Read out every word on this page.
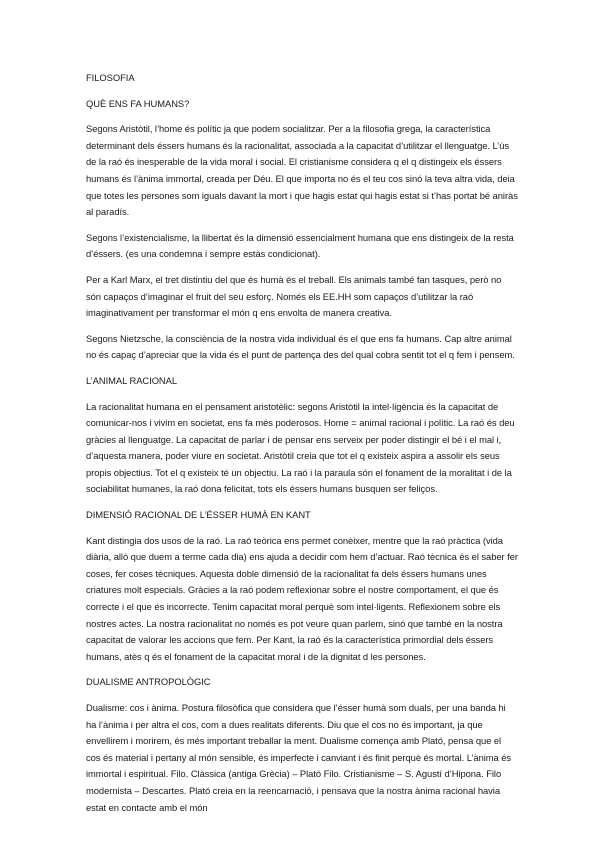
FILOSOFIA
QUÈ ENS FA HUMANS?
Segons Aristòtil, l’home és polític ja que podem socialitzar. Per a la filosofia grega, la característica determinant dels éssers humans és la racionalitat, associada a la capacitat d’utilitzar el llenguatge. L’ús de la raó és inesperable de la vida moral i social. El cristianisme considera q el q distingeix els éssers humans és l’ànima immortal, creada per Déu. El que importa no és el teu cos sinó la teva altra vida, deia que totes les persones som iguals davant la mort i que hagis estat qui hagis estat si t’has portat bé aniràs al paradís.
Segons l’existencialisme, la llibertat és la dimensió essencialment humana que ens distingeix de la resta d’éssers. (es una condemna i sempre estàs condicionat).
Per a Karl Marx, el tret distintiu del que és humà és el treball. Els animals també fan tasques, però no són capaços d’imaginar el fruit del seu esforç. Només els EE.HH som capaços d’utilitzar la raó imaginativament per transformar el món q ens envolta de manera creativa.
Segons Nietzsche, la consciència de la nostra vida individual és el que ens fa humans. Cap altre animal no és capaç d’apreciar que la vida és el punt de partença des del qual cobra sentit tot el q fem i pensem.
L’ANIMAL RACIONAL
La racionalitat humana en el pensament aristotèlic: segons Aristòtil la intel·ligència és la capacitat de comunicar-nos i vivim en societat, ens fa més poderosos. Home = animal racional i polític. La raó és deu gràcies al llenguatge. La capacitat de parlar i de pensar ens serveix per poder distingir el bé i el mal i, d’aquesta manera, poder viure en societat. Aristòtil creia que tot el q existeix aspira a assolir els seus propis objectius. Tot el q existeix té un objectiu. La raó i la paraula són el fonament de la moralitat i de la sociabilitat humanes, la raó dona felicitat, tots els éssers humans busquen ser feliços.
DIMENSIÓ RACIONAL DE L’ÉSSER HUMÀ EN KANT
Kant distingia dos usos de la raó. La raó teòrica ens permet conèixer, mentre que la raó pràctica (vida diària, allò que duem a terme cada dia) ens ajuda a decidir com hem d’actuar. Raó tècnica és el saber fer coses, fer coses tècniques. Aquesta doble dimensió de la racionalitat fa dels éssers humans unes criatures molt especials. Gràcies a la raó podem reflexionar sobre el nostre comportament, el que és correcte i el que és incorrecte. Tenim capacitat moral perquè som intel·ligents. Reflexionem sobre els nostres actes. La nostra racionalitat no només es pot veure quan parlem, sinó que també en la nostra capacitat de valorar les accions que fem. Per Kant, la raó és la característica primordial dels éssers humans, atès q és el fonament de la capacitat moral i de la dignitat d les persones.
DUALISME ANTROPOLÒGIC
Dualisme: cos i ànima. Postura filosòfica que considera que l’ésser humà som duals, per una banda hi ha l’ànima i per altra el cos, com a dues realitats diferents. Diu que el cos no és important, ja que envellirem i morirem, és més important treballar la ment. Dualisme comença amb Plató, pensa que el cos és material i pertany al món sensible, és imperfecte i canviant i és finit perquè és mortal. L’ànima és immortal i espiritual. Filo. Clàssica (antiga Grècia) – Plató Filo. Cristianisme – S. Agustí d’Hipona. Filo modernista – Descartes. Plató creia en la reencarnació, i pensava que la nostra ànima racional havia estat en contacte amb el món
